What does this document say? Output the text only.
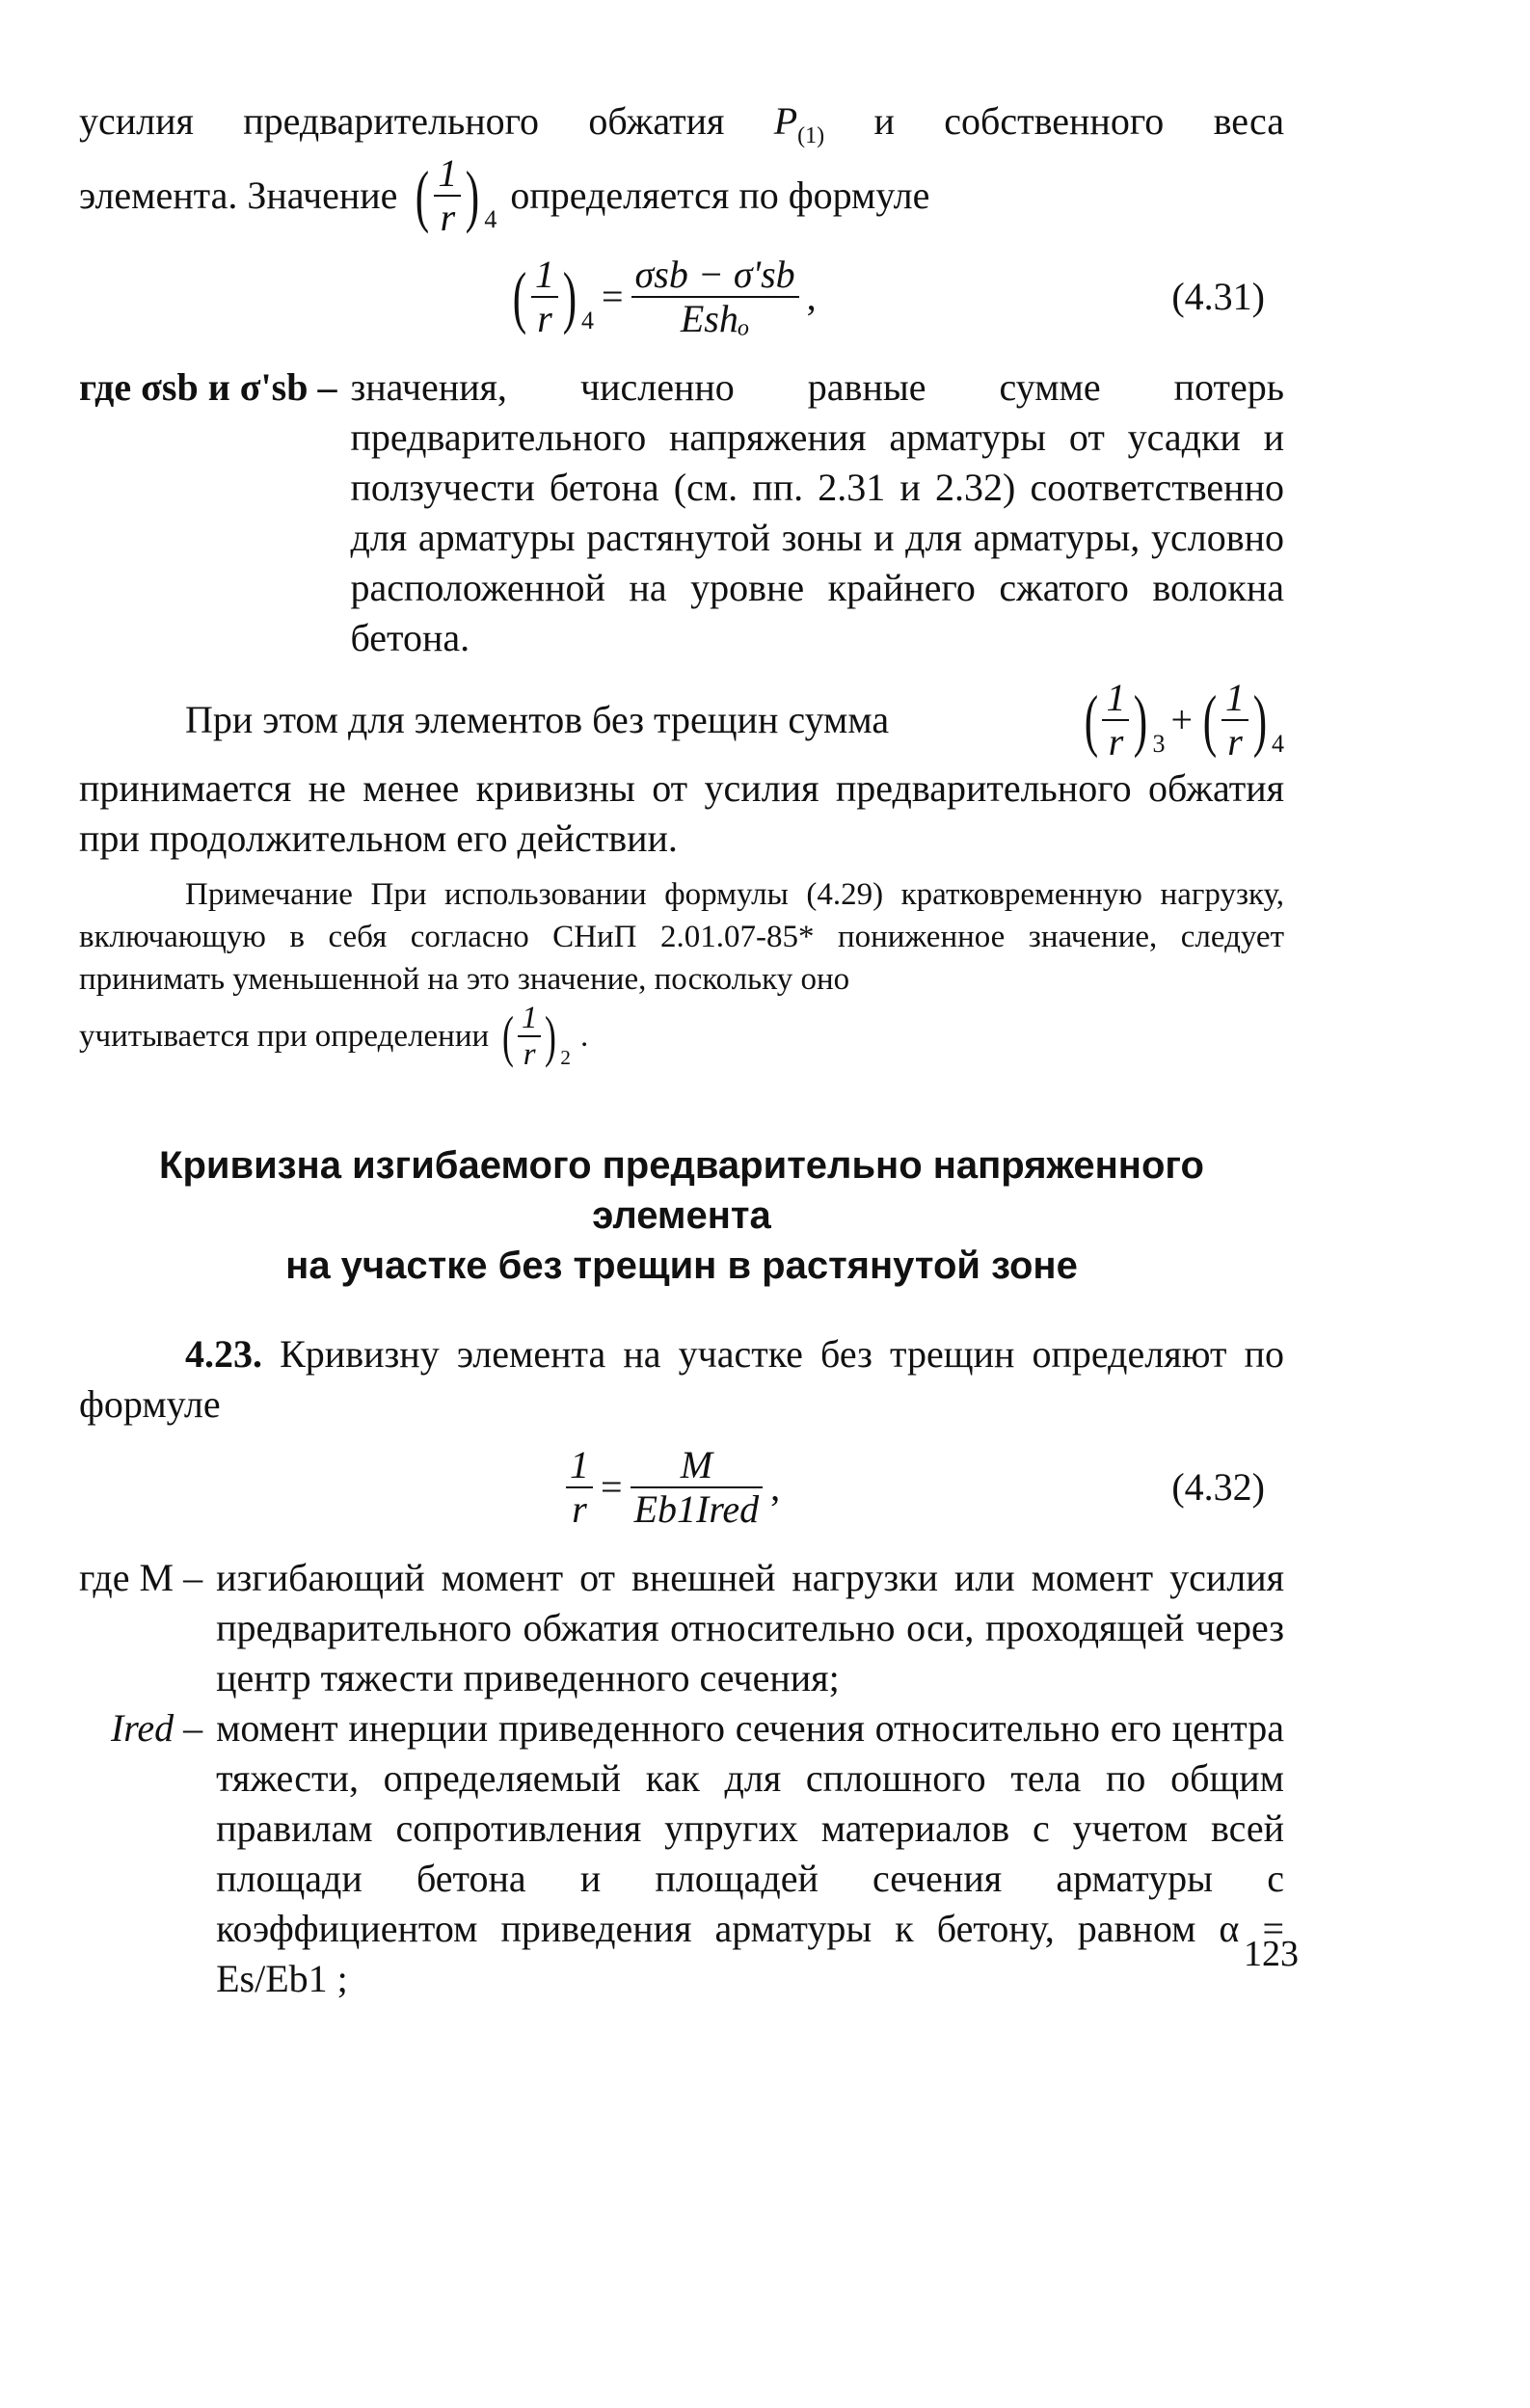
усилия предварительного обжатия $P_{(1)}$ и собственного веса

элемента. Значение ( $\frac{1}{r}$ ) 4
определяется по формуле

( $\frac{1}{r}$ ) 4
= $\frac{\text{σsb − σ'sb}}{\text{Eshₒ}}$ ,	(4.31)
где σsb и σ'sb – значения, численно равные сумме потерь предварительного напряжения арматуры от усадки и ползучести бетона (см. пп. 2.31 и 2.32) соответственно для арматуры растянутой зоны и для арматуры, условно расположенной на уровне крайнего сжатого волокна бетона.
При этом для элементов без трещин сумма	( $\frac{1}{r}$ ) 3
+ ( $\frac{1}{r}$ ) 4

принимается не менее кривизны от усилия предварительного обжатия при продолжительном его действии.

Примечание При использовании формулы (4.29) кратковременную нагрузку, включающую в себя согласно СНиП 2.01.07-85* пониженное значение, следует принимать уменьшенной на это значение, поскольку оно

учитывается при определении ( $\frac{1}{r}$ ) 2
.

Кривизна изгибаемого предварительно напряженного элемента
на участке без трещин в растянутой зоне

4.23. Кривизну элемента на участке без трещин определяют по формуле

$\frac{1}{r} = \frac{M}{\text{Eb1Ired}}$ ,	(4.32)
где M – изгибающий момент от внешней нагрузки или момент усилия предварительного обжатия относительно оси, проходящей через центр тяжести приведенного сечения;
Ired – момент инерции приведенного сечения относительно его центра тяжести, определяемый как для сплошного тела по общим правилам сопротивления упругих материалов с учетом всей площади бетона и площадей сечения арматуры с коэффициентом приведения арматуры к бетону, равном α = Es/Eb1 ;
123
